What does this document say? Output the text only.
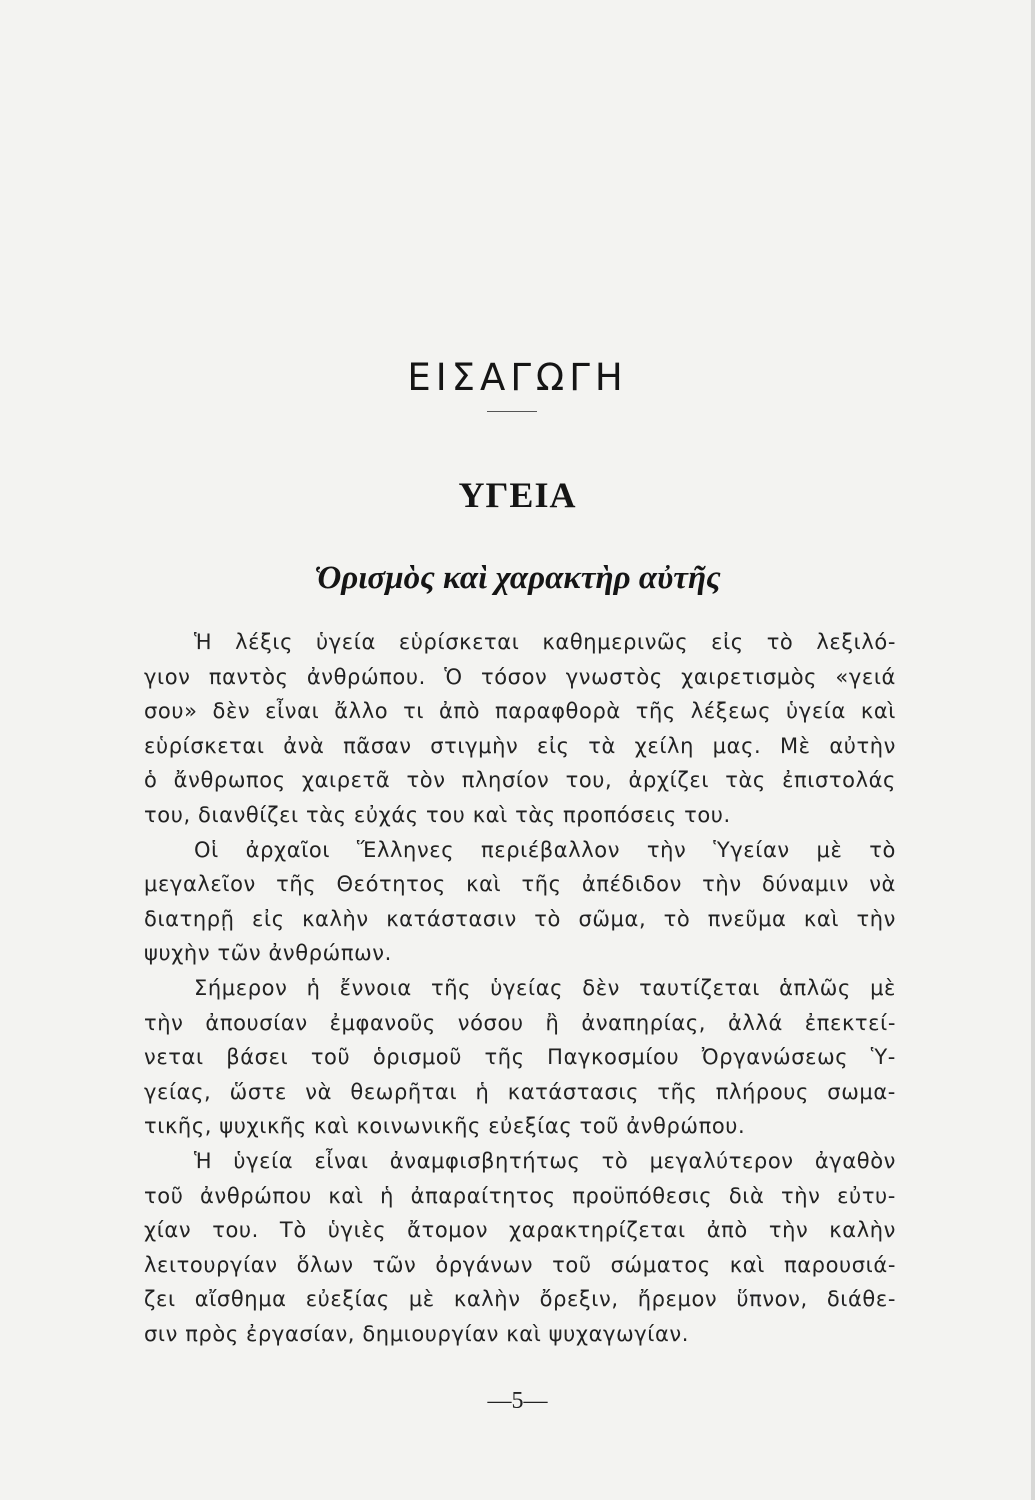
ΕΙΣΑΓΩΓΗ
ΥΓΕΙΑ
Ὁρισμὸς καὶ χαρακτὴρ αὐτῆς
Ἡ λέξις ὑγεία εὑρίσκεται καθημερινῶς εἰς τὸ λεξιλό-
γιον παντὸς ἀνθρώπου. Ὁ τόσον γνωστὸς χαιρετισμὸς «γειά
σου» δὲν εἶναι ἄλλο τι ἀπὸ παραφθορὰ τῆς λέξεως ὑγεία καὶ
εὑρίσκεται ἀνὰ πᾶσαν στιγμὴν εἰς τὰ χείλη μας. Μὲ αὐτὴν
ὁ ἄνθρωπος χαιρετᾶ τὸν πλησίον του, ἀρχίζει τὰς ἐπιστολάς
του, διανθίζει τὰς εὐχάς του καὶ τὰς προπόσεις του.
Οἱ ἀρχαῖοι Ἕλληνες περιέβαλλον τὴν Ὑγείαν μὲ τὸ
μεγαλεῖον τῆς Θεότητος καὶ τῆς ἀπέδιδον τὴν δύναμιν νὰ
διατηρῇ εἰς καλὴν κατάστασιν τὸ σῶμα, τὸ πνεῦμα καὶ τὴν
ψυχὴν τῶν ἀνθρώπων.
Σήμερον ἡ ἔννοια τῆς ὑγείας δὲν ταυτίζεται ἁπλῶς μὲ
τὴν ἀπουσίαν ἐμφανοῦς νόσου ἢ ἀναπηρίας, ἀλλά ἐπεκτεί-
νεται βάσει τοῦ ὁρισμοῦ τῆς Παγκοσμίου Ὀργανώσεως Ὑ-
γείας, ὥστε νὰ θεωρῆται ἡ κατάστασις τῆς πλήρους σωμα-
τικῆς, ψυχικῆς καὶ κοινωνικῆς εὐεξίας τοῦ ἀνθρώπου.
Ἡ ὑγεία εἶναι ἀναμφισβητήτως τὸ μεγαλύτερον ἀγαθὸν
τοῦ ἀνθρώπου καὶ ἡ ἀπαραίτητος προϋπόθεσις διὰ τὴν εὐτυ-
χίαν του. Τὸ ὑγιὲς ἄτομον χαρακτηρίζεται ἀπὸ τὴν καλὴν
λειτουργίαν ὅλων τῶν ὀργάνων τοῦ σώματος καὶ παρουσιά-
ζει αἴσθημα εὐεξίας μὲ καλὴν ὄρεξιν, ἤρεμον ὕπνον, διάθε-
σιν πρὸς ἐργασίαν, δημιουργίαν καὶ ψυχαγωγίαν.
—5—
